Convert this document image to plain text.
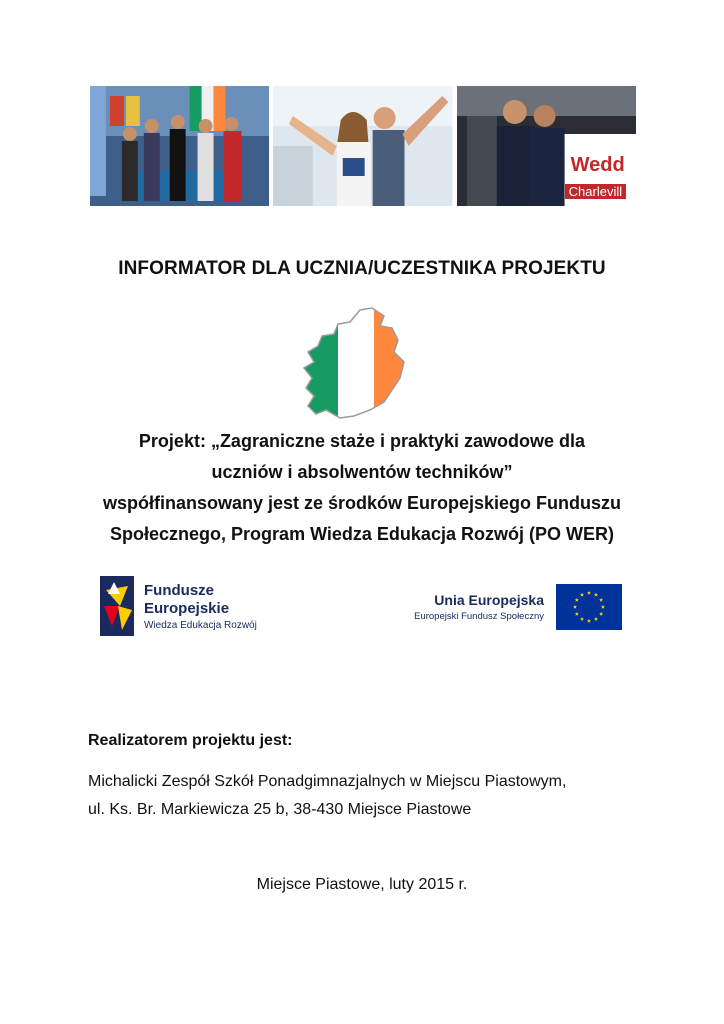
Wedd
Charlevill
INFORMATOR DLA UCZNIA/UCZESTNIKA PROJEKTU
Projekt: „Zagraniczne staże i praktyki zawodowe dla
uczniów i absolwentów techników”
współfinansowany jest ze środków Europejskiego Funduszu
Społecznego, Program Wiedza Edukacja Rozwój (PO WER)
Fundusze
Europejskie
Wiedza Edukacja Rozwój
Unia Europejska
Europejski Fundusz Społeczny
Realizatorem projektu jest:
Michalicki Zespół Szkół Ponadgimnazjalnych w Miejscu Piastowym,
ul. Ks. Br. Markiewicza 25 b, 38-430 Miejsce Piastowe
Miejsce Piastowe, luty 2015 r.
